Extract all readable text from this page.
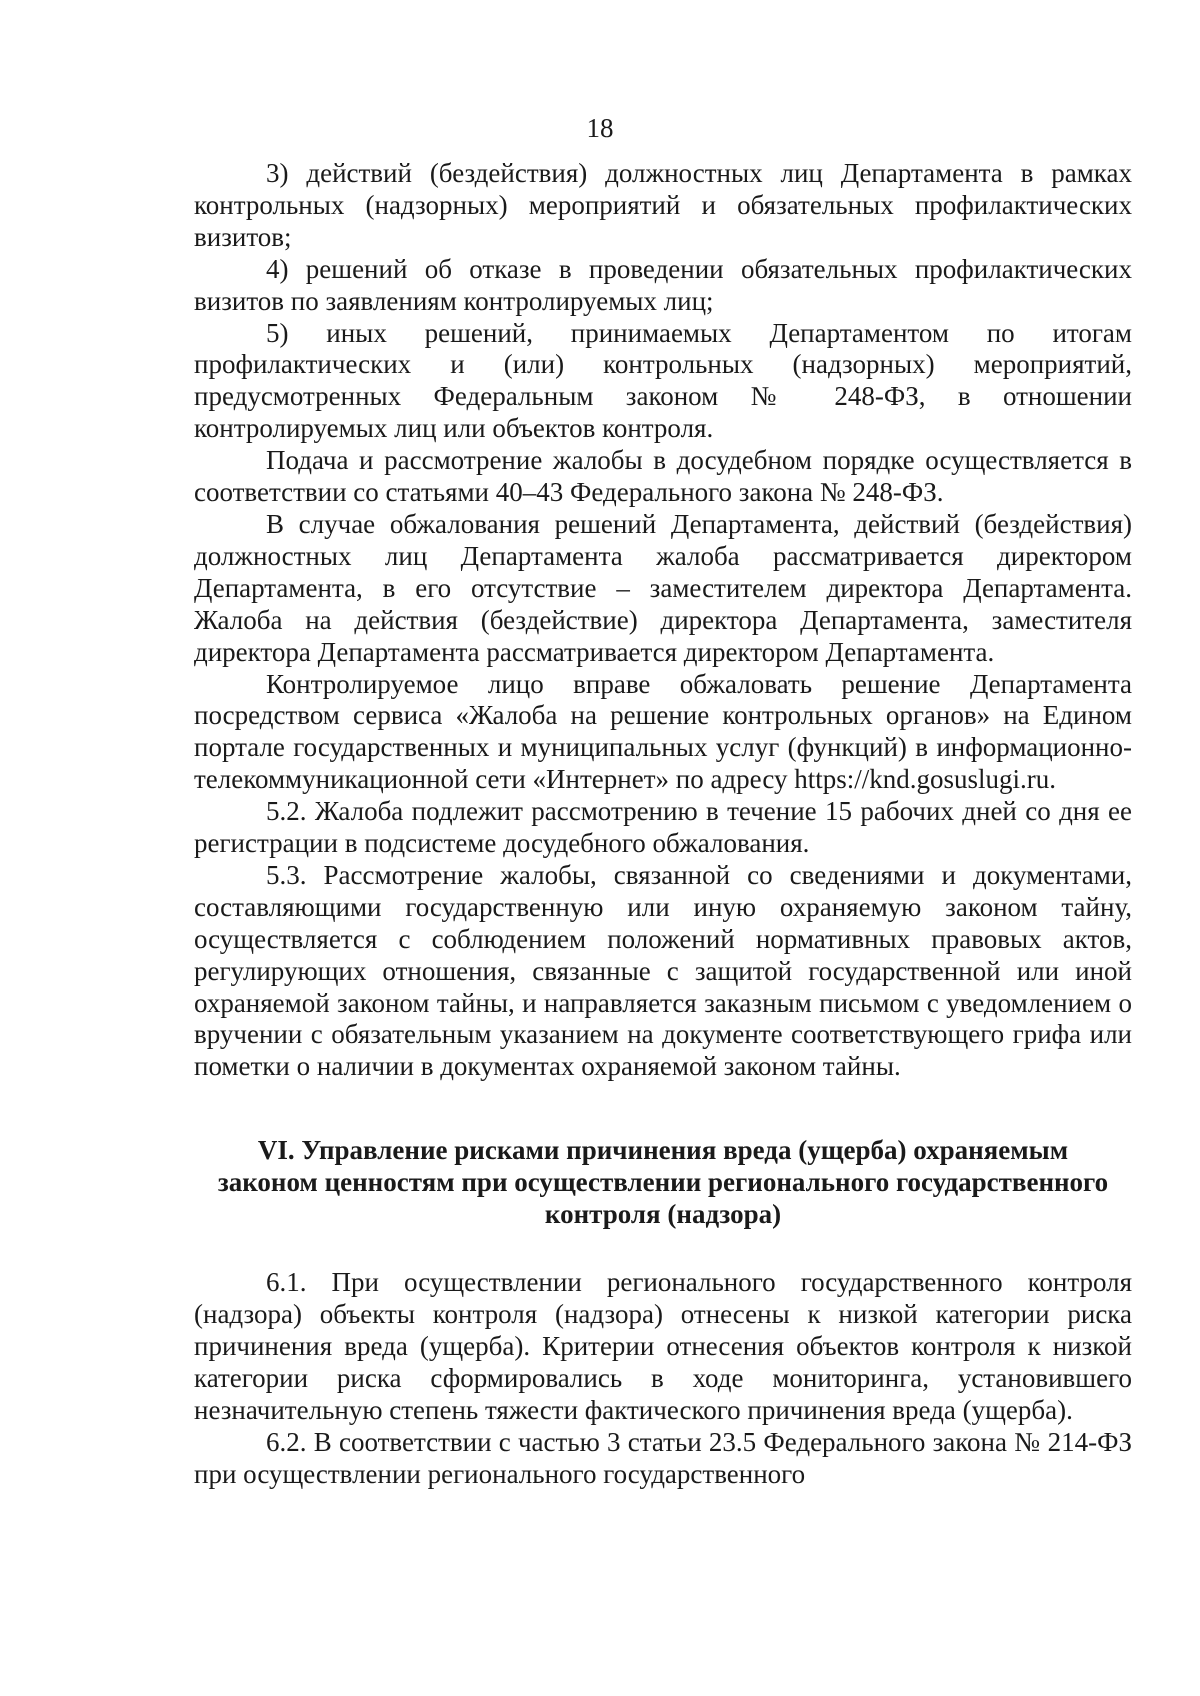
18

3) действий (бездействия) должностных лиц Департамента в рамках контрольных (надзорных) мероприятий и обязательных профилактических визитов;

4) решений об отказе в проведении обязательных профилактических визитов по заявлениям контролируемых лиц;

5) иных решений, принимаемых Департаментом по итогам профилактических и (или) контрольных (надзорных) мероприятий, предусмотренных Федеральным законом № 248-ФЗ, в отношении контролируемых лиц или объектов контроля.

Подача и рассмотрение жалобы в досудебном порядке осуществляется в соответствии со статьями 40–43 Федерального закона № 248-ФЗ.

В случае обжалования решений Департамента, действий (бездействия) должностных лиц Департамента жалоба рассматривается директором Департамента, в его отсутствие – заместителем директора Департамента. Жалоба на действия (бездействие) директора Департамента, заместителя директора Департамента рассматривается директором Департамента.

Контролируемое лицо вправе обжаловать решение Департамента посредством сервиса «Жалоба на решение контрольных органов» на Едином портале государственных и муниципальных услуг (функций) в информационно-телекоммуникационной сети «Интернет» по адресу https://knd.gosuslugi.ru.

5.2. Жалоба подлежит рассмотрению в течение 15 рабочих дней со дня ее регистрации в подсистеме досудебного обжалования.

5.3. Рассмотрение жалобы, связанной со сведениями и документами, составляющими государственную или иную охраняемую законом тайну, осуществляется с соблюдением положений нормативных правовых актов, регулирующих отношения, связанные с защитой государственной или иной охраняемой законом тайны, и направляется заказным письмом с уведомлением о вручении с обязательным указанием на документе соответствующего грифа или пометки о наличии в документах охраняемой законом тайны.

VI. Управление рисками причинения вреда (ущерба) охраняемым
законом ценностям при осуществлении регионального государственного
контроля (надзора)

6.1. При осуществлении регионального государственного контроля (надзора) объекты контроля (надзора) отнесены к низкой категории риска причинения вреда (ущерба). Критерии отнесения объектов контроля к низкой категории риска сформировались в ходе мониторинга, установившего незначительную степень тяжести фактического причинения вреда (ущерба).

6.2. В соответствии с частью 3 статьи 23.5 Федерального закона № 214-ФЗ при осуществлении регионального государственного
